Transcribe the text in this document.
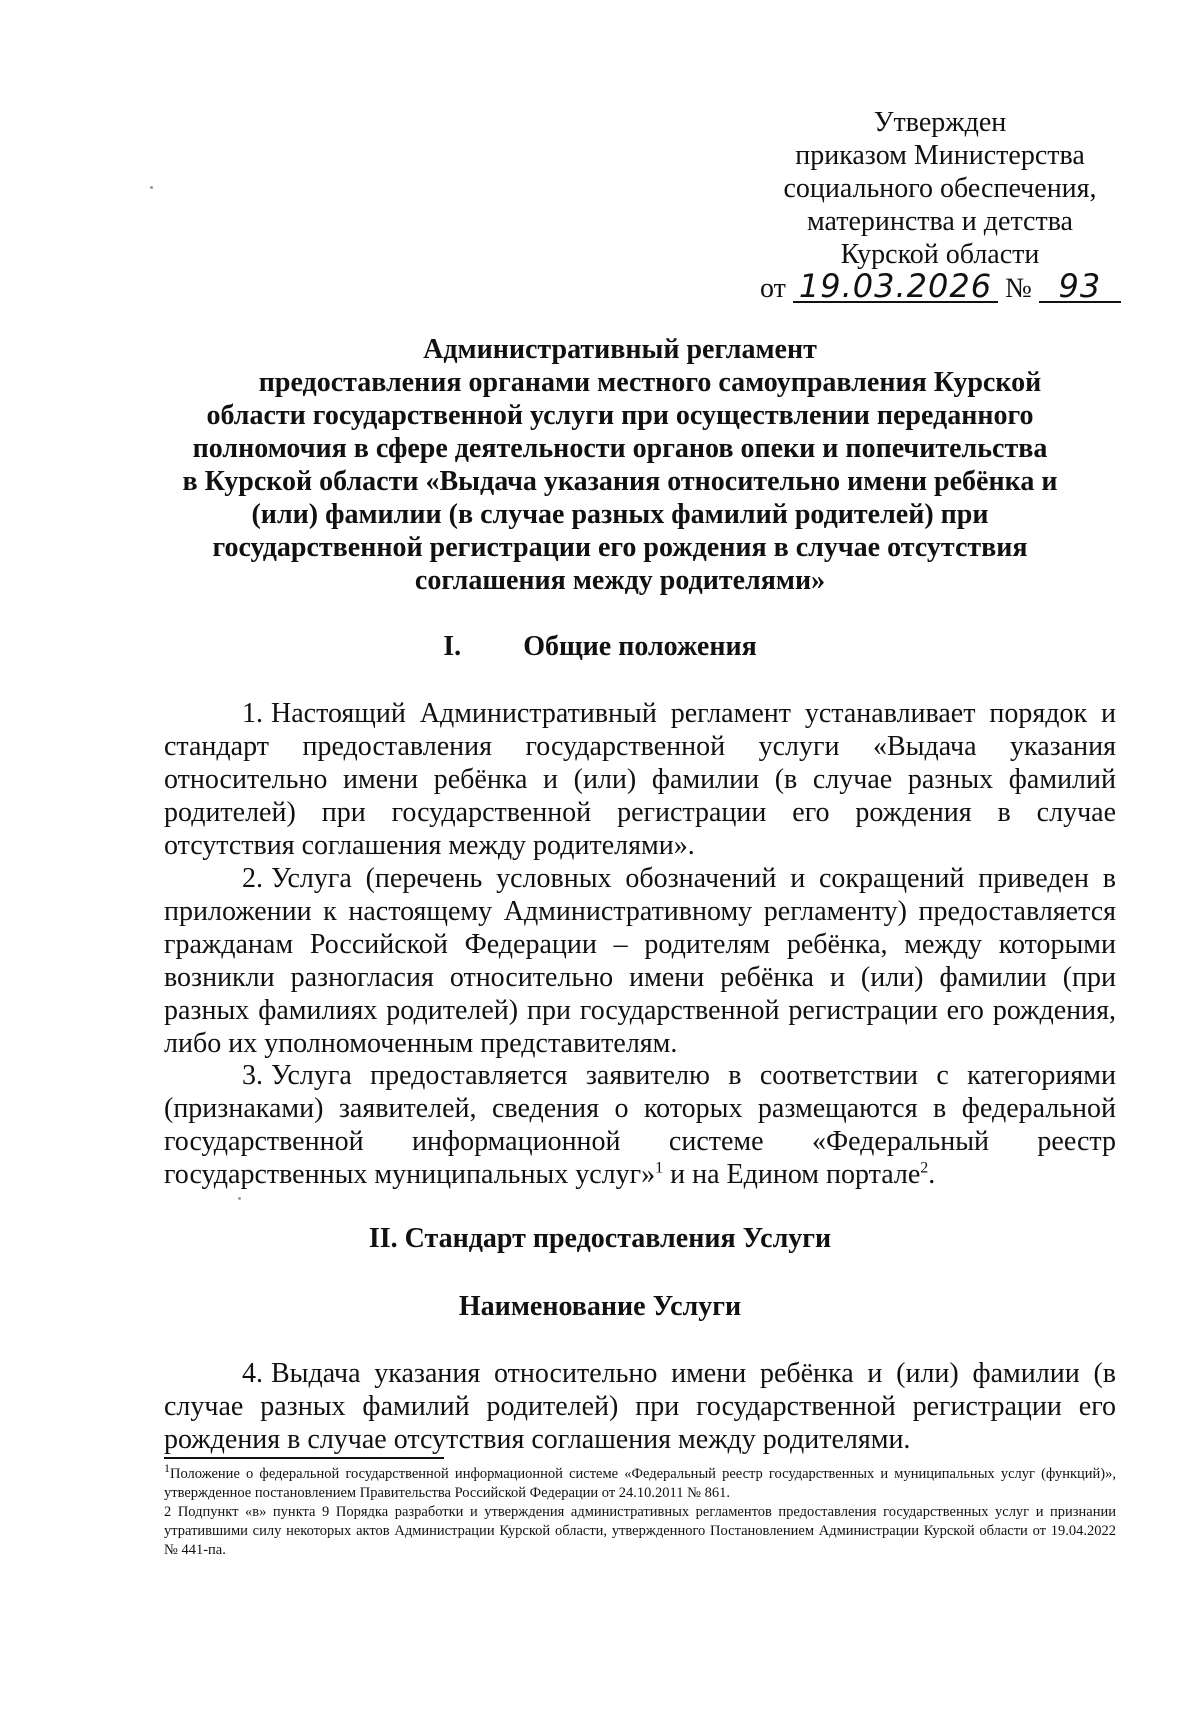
Утвержден
приказом Министерства
социального обеспечения,
материнства и детства
Курской области
от 19.03.2026 № 93
Административный регламент
предоставления органами местного самоуправления Курской
области государственной услуги при осуществлении переданного
полномочия в сфере деятельности органов опеки и попечительства
в Курской области «Выдача указания относительно имени ребёнка и
(или) фамилии (в случае разных фамилий родителей) при
государственной регистрации его рождения в случае отсутствия
соглашения между родителями»
I. Общие положения
1. Настоящий Административный регламент устанавливает порядок и стандарт предоставления государственной услуги «Выдача указания относительно имени ребёнка и (или) фамилии (в случае разных фамилий родителей) при государственной регистрации его рождения в случае отсутствия соглашения между родителями».
2. Услуга (перечень условных обозначений и сокращений приведен в приложении к настоящему Административному регламенту) предоставляется гражданам Российской Федерации – родителям ребёнка, между которыми возникли разногласия относительно имени ребёнка и (или) фамилии (при разных фамилиях родителей) при государственной регистрации его рождения, либо их уполномоченным представителям.
3. Услуга предоставляется заявителю в соответствии с категориями (признаками) заявителей, сведения о которых размещаются в федеральной государственной информационной системе «Федеральный реестр государственных муниципальных услуг»$^1$ и на Едином портале$^2$.
II. Стандарт предоставления Услуги
Наименование Услуги
4. Выдача указания относительно имени ребёнка и (или) фамилии (в случае разных фамилий родителей) при государственной регистрации его рождения в случае отсутствия соглашения между родителями.
$^1$Положение о федеральной государственной информационной системе «Федеральный реестр государственных и муниципальных услуг (функций)», утвержденное постановлением Правительства Российской Федерации от 24.10.2011 № 861.
2 Подпункт «в» пункта 9 Порядка разработки и утверждения административных регламентов предоставления государственных услуг и признании утратившими силу некоторых актов Администрации Курской области, утвержденного Постановлением Администрации Курской области от 19.04.2022 № 441-па.
